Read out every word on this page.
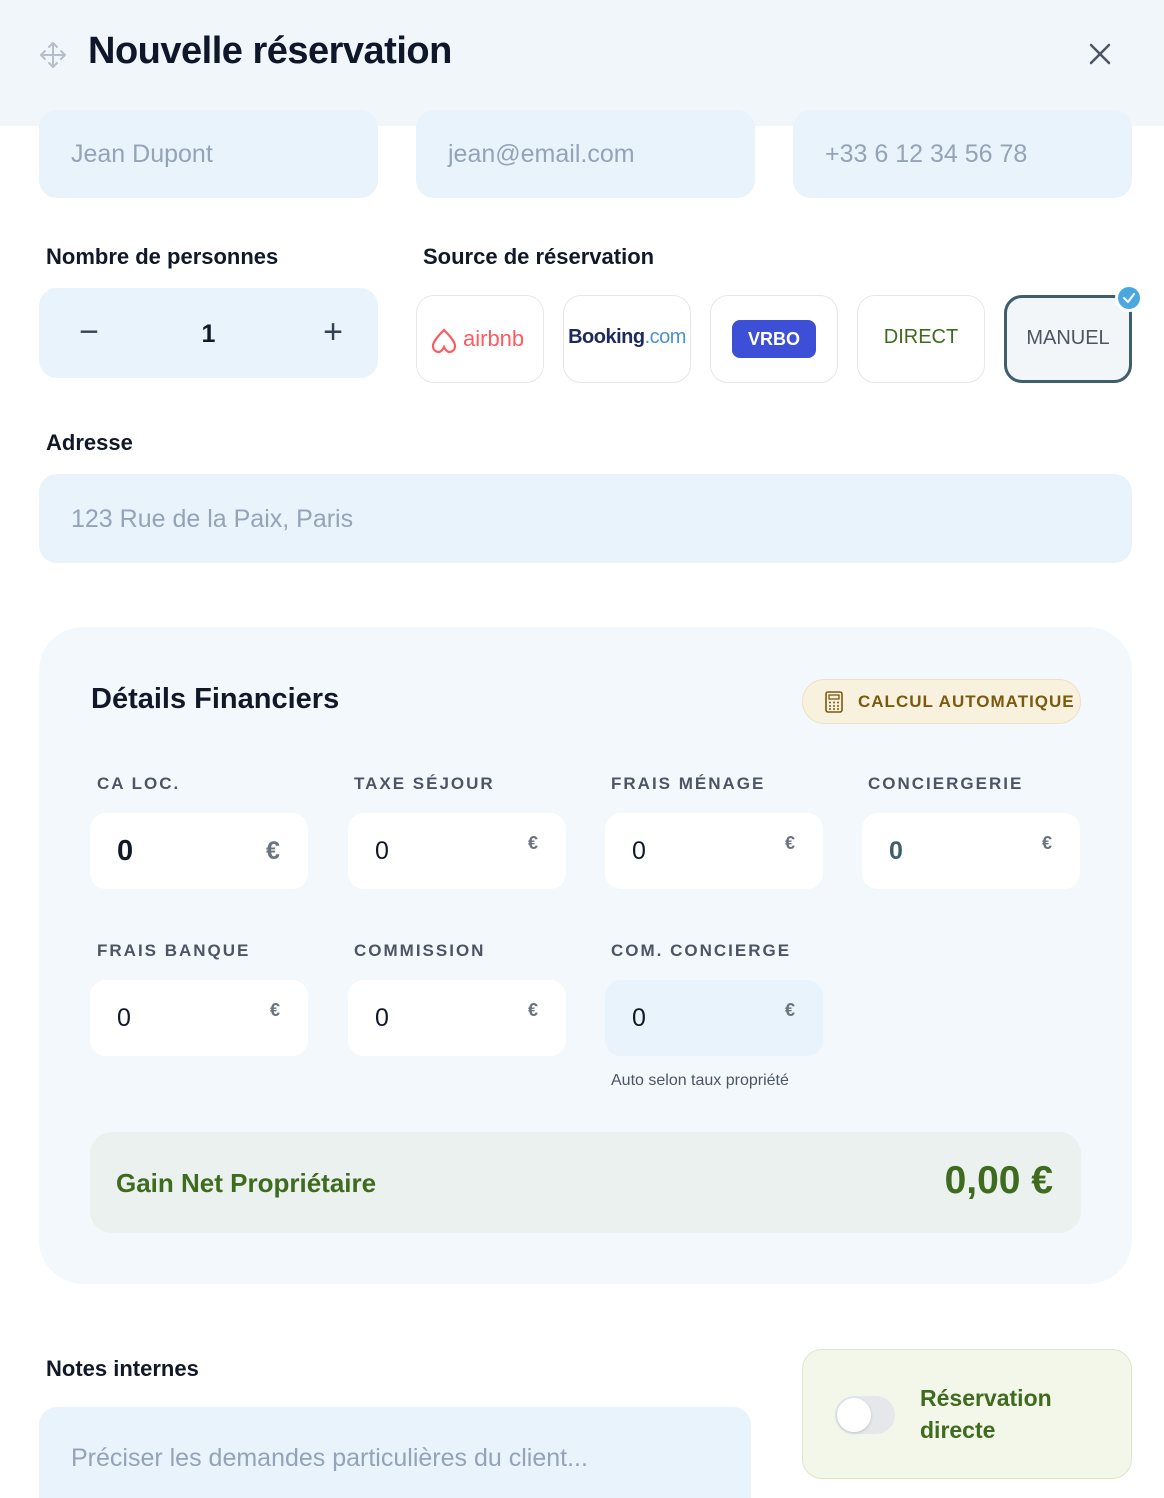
Nouvelle réservation
Jean Dupont	jean@email.com	+33 6 12 34 56 78
Nombre de personnes
−	1	+
Source de réservation
airbnb Booking.com	VRBO	DIRECT	MANUEL
Adresse
123 Rue de la Paix, Paris
Détails Financiers	CALCUL AUTOMATIQUE
CA LOC.
0	€
TAXE SÉJOUR
0	€
FRAIS MÉNAGE
0	€
CONCIERGERIE
0	€
FRAIS BANQUE
0	€
COMMISSION
0	€
COM. CONCIERGE
0	€
Auto selon taux propriété
Gain Net Propriétaire	0,00 €
Notes internes
Préciser les demandes particulières du client...
Réservation directe
